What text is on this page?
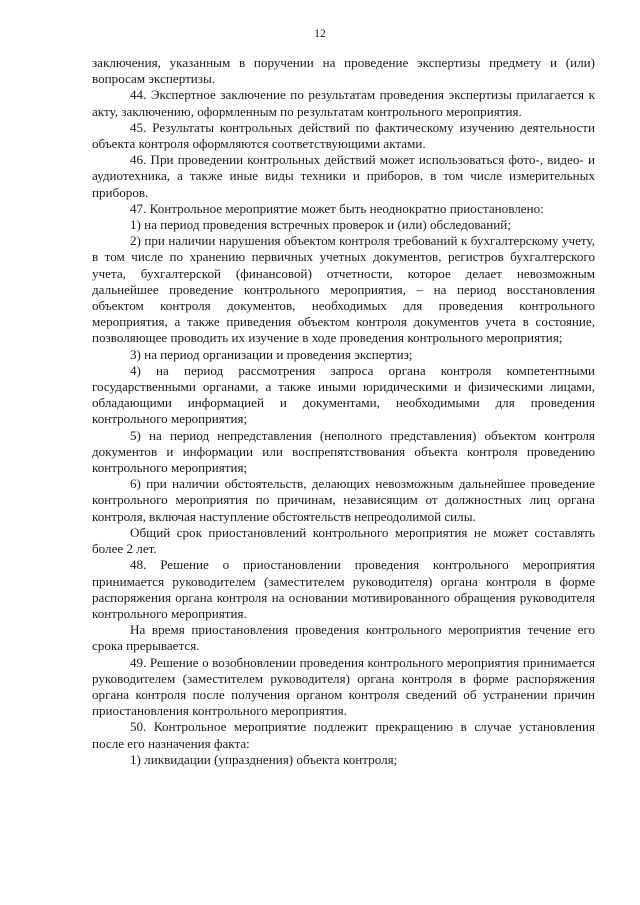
12

заключения, указанным в поручении на проведение экспертизы предмету и (или) вопросам экспертизы.

44. Экспертное заключение по результатам проведения экспертизы прилагается к акту, заключению, оформленным по результатам контрольного мероприятия.

45. Результаты контрольных действий по фактическому изучению деятельности объекта контроля оформляются соответствующими актами.

46. При проведении контрольных действий может использоваться фото-, видео- и аудиотехника, а также иные виды техники и приборов, в том числе измерительных приборов.

47. Контрольное мероприятие может быть неоднократно приостановлено:

1) на период проведения встречных проверок и (или) обследований;

2) при наличии нарушения объектом контроля требований к бухгалтерскому учету, в том числе по хранению первичных учетных документов, регистров бухгалтерского учета, бухгалтерской (финансовой) отчетности, которое делает невозможным дальнейшее проведение контрольного мероприятия, – на период восстановления объектом контроля документов, необходимых для проведения контрольного мероприятия, а также приведения объектом контроля документов учета в состояние, позволяющее проводить их изучение в ходе проведения контрольного мероприятия;

3) на период организации и проведения экспертиз;

4) на период рассмотрения запроса органа контроля компетентными государственными органами, а также иными юридическими и физическими лицами, обладающими информацией и документами, необходимыми для проведения контрольного мероприятия;

5) на период непредставления (неполного представления) объектом контроля документов и информации или воспрепятствования объекта контроля проведению контрольного мероприятия;

6) при наличии обстоятельств, делающих невозможным дальнейшее проведение контрольного мероприятия по причинам, независящим от должностных лиц органа контроля, включая наступление обстоятельств непреодолимой силы.

Общий срок приостановлений контрольного мероприятия не может составлять более 2 лет.

48. Решение о приостановлении проведения контрольного мероприятия принимается руководителем (заместителем руководителя) органа контроля в форме распоряжения органа контроля на основании мотивированного обращения руководителя контрольного мероприятия.

На время приостановления проведения контрольного мероприятия течение его срока прерывается.

49. Решение о возобновлении проведения контрольного мероприятия принимается руководителем (заместителем руководителя) органа контроля в форме распоряжения органа контроля после получения органом контроля сведений об устранении причин приостановления контрольного мероприятия.

50. Контрольное мероприятие подлежит прекращению в случае установления после его назначения факта:

1) ликвидации (упразднения) объекта контроля;
